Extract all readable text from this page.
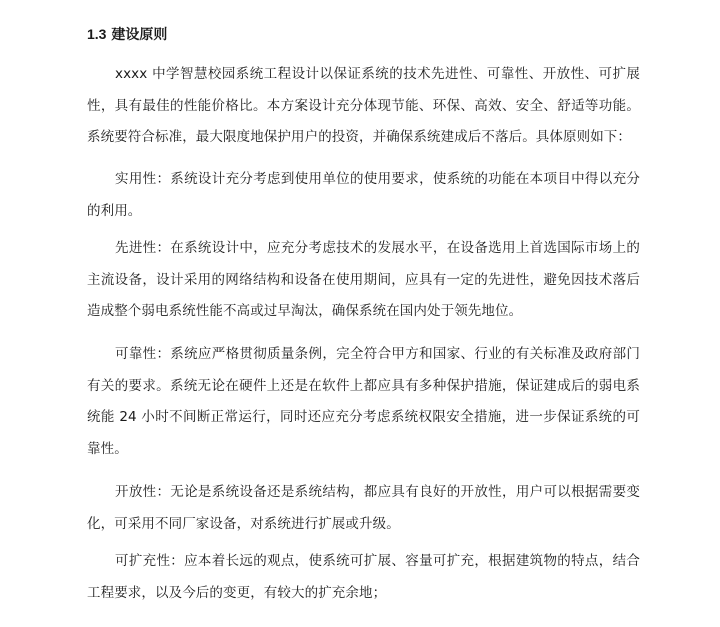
1.3 建设原则

xxxx 中学智慧校园系统工程设计以保证系统的技术先进性、可靠性、开放性、可扩展性，具有最佳的性能价格比。本方案设计充分体现节能、环保、高效、安全、舒适等功能。系统要符合标准，最大限度地保护用户的投资，并确保系统建成后不落后。具体原则如下：

实用性：系统设计充分考虑到使用单位的使用要求，使系统的功能在本项目中得以充分的利用。

先进性：在系统设计中，应充分考虑技术的发展水平，在设备选用上首选国际市场上的主流设备，设计采用的网络结构和设备在使用期间，应具有一定的先进性，避免因技术落后造成整个弱电系统性能不高或过早淘汰，确保系统在国内处于领先地位。

可靠性：系统应严格贯彻质量条例，完全符合甲方和国家、行业的有关标准及政府部门有关的要求。系统无论在硬件上还是在软件上都应具有多种保护措施，保证建成后的弱电系统能 24 小时不间断正常运行，同时还应充分考虑系统权限安全措施，进一步保证系统的可靠性。

开放性：无论是系统设备还是系统结构，都应具有良好的开放性，用户可以根据需要变化，可采用不同厂家设备，对系统进行扩展或升级。

可扩充性：应本着长远的观点，使系统可扩展、容量可扩充，根据建筑物的特点，结合工程要求，以及今后的变更，有较大的扩充余地；
